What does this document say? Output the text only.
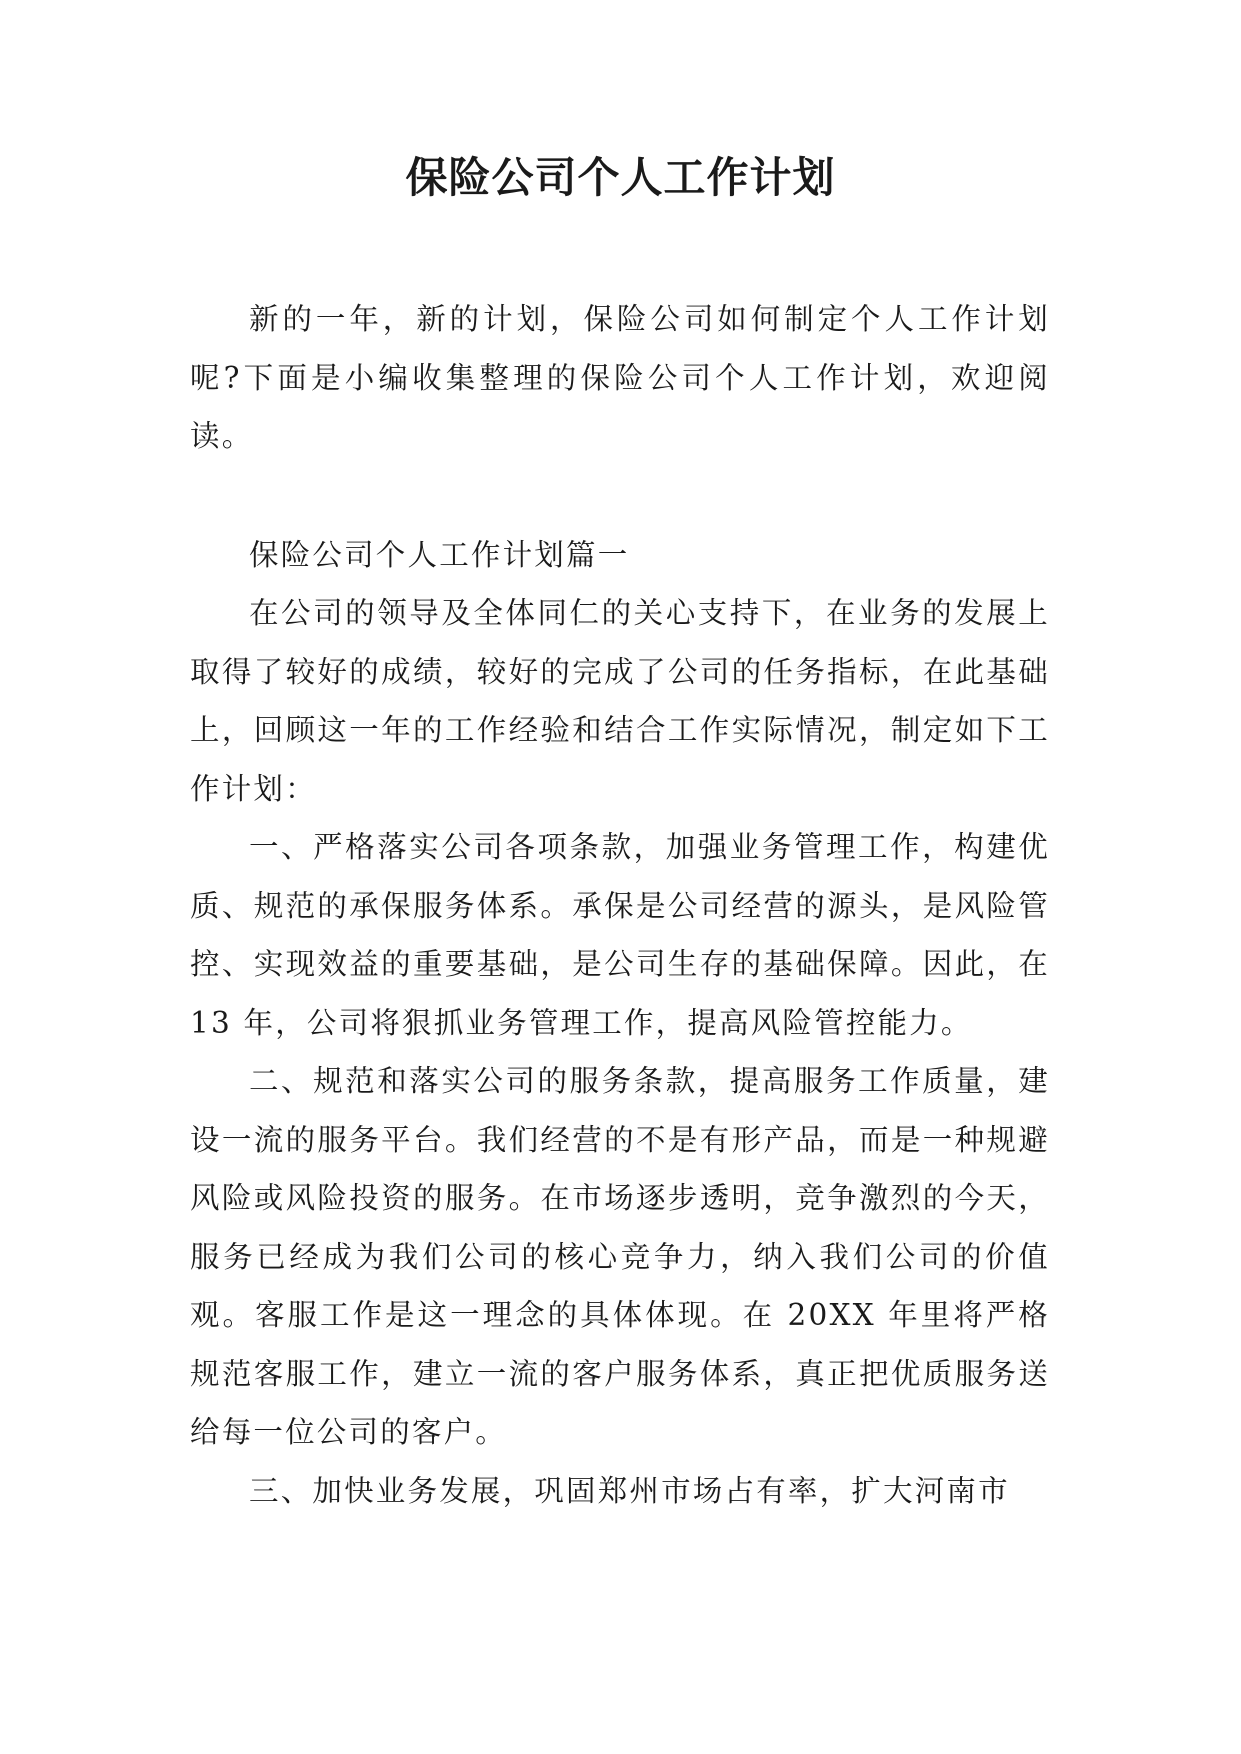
保险公司个人工作计划

新的一年，新的计划，保险公司如何制定个人工作计划呢?下面是小编收集整理的保险公司个人工作计划，欢迎阅读。

保险公司个人工作计划篇一

在公司的领导及全体同仁的关心支持下，在业务的发展上取得了较好的成绩，较好的完成了公司的任务指标，在此基础上，回顾这一年的工作经验和结合工作实际情况，制定如下工作计划：

一、严格落实公司各项条款，加强业务管理工作，构建优质、规范的承保服务体系。承保是公司经营的源头，是风险管控、实现效益的重要基础，是公司生存的基础保障。因此，在 13 年，公司将狠抓业务管理工作，提高风险管控能力。

二、规范和落实公司的服务条款，提高服务工作质量，建设一流的服务平台。我们经营的不是有形产品，而是一种规避风险或风险投资的服务。在市场逐步透明，竞争激烈的今天，服务已经成为我们公司的核心竞争力，纳入我们公司的价值观。客服工作是这一理念的具体体现。在 20XX 年里将严格规范客服工作，建立一流的客户服务体系，真正把优质服务送给每一位公司的客户。

三、加快业务发展，巩固郑州市场占有率，扩大河南市
